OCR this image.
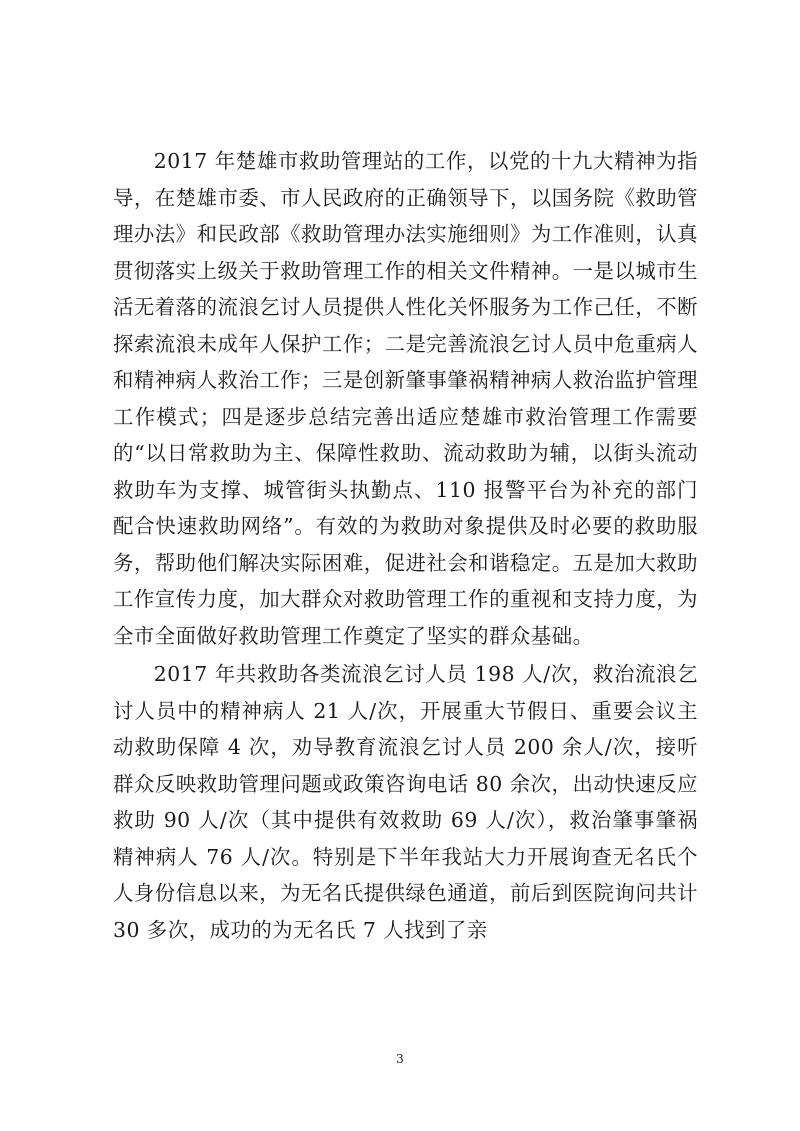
2017 年楚雄市救助管理站的工作，以党的十九大精神为指导，在楚雄市委、市人民政府的正确领导下，以国务院《救助管理办法》和民政部《救助管理办法实施细则》为工作准则，认真贯彻落实上级关于救助管理工作的相关文件精神。一是以城市生活无着落的流浪乞讨人员提供人性化关怀服务为工作己任，不断探索流浪未成年人保护工作；二是完善流浪乞讨人员中危重病人和精神病人救治工作；三是创新肇事肇祸精神病人救治监护管理工作模式；四是逐步总结完善出适应楚雄市救治管理工作需要的“以日常救助为主、保障性救助、流动救助为辅，以街头流动救助车为支撑、城管街头执勤点、110 报警平台为补充的部门配合快速救助网络”。有效的为救助对象提供及时必要的救助服务，帮助他们解决实际困难，促进社会和谐稳定。五是加大救助工作宣传力度，加大群众对救助管理工作的重视和支持力度，为全市全面做好救助管理工作奠定了坚实的群众基础。

2017 年共救助各类流浪乞讨人员 198 人/次，救治流浪乞讨人员中的精神病人 21 人/次，开展重大节假日、重要会议主动救助保障 4 次，劝导教育流浪乞讨人员 200 余人/次，接听群众反映救助管理问题或政策咨询电话 80 余次，出动快速反应救助 90 人/次（其中提供有效救助 69 人/次），救治肇事肇祸精神病人 76 人/次。特别是下半年我站大力开展询查无名氏个人身份信息以来，为无名氏提供绿色通道，前后到医院询问共计 30 多次，成功的为无名氏 7 人找到了亲

3
